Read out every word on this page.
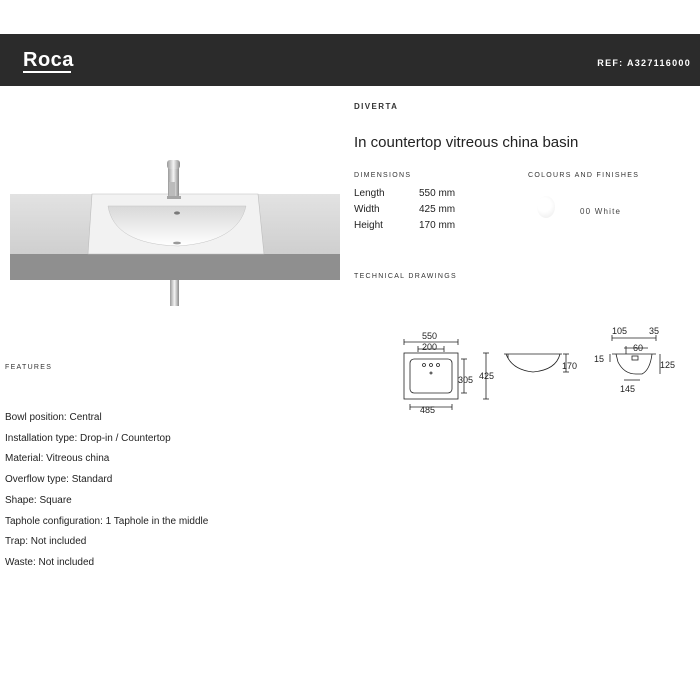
Roca	REF: A327116000
DIVERTA
In countertop vitreous china basin
DIMENSIONS
Length	550 mm
Width	425 mm
Height	170 mm
COLOURS AND FINISHES
00 White
TECHNICAL DRAWINGS
550
200
485
305 425
170
105 35
60
15
125
145
FEATURES
Bowl position: Central
Installation type: Drop-in / Countertop
Material: Vitreous china
Overflow type: Standard
Shape: Square
Taphole configuration: 1 Taphole in the middle
Trap: Not included
Waste: Not included
